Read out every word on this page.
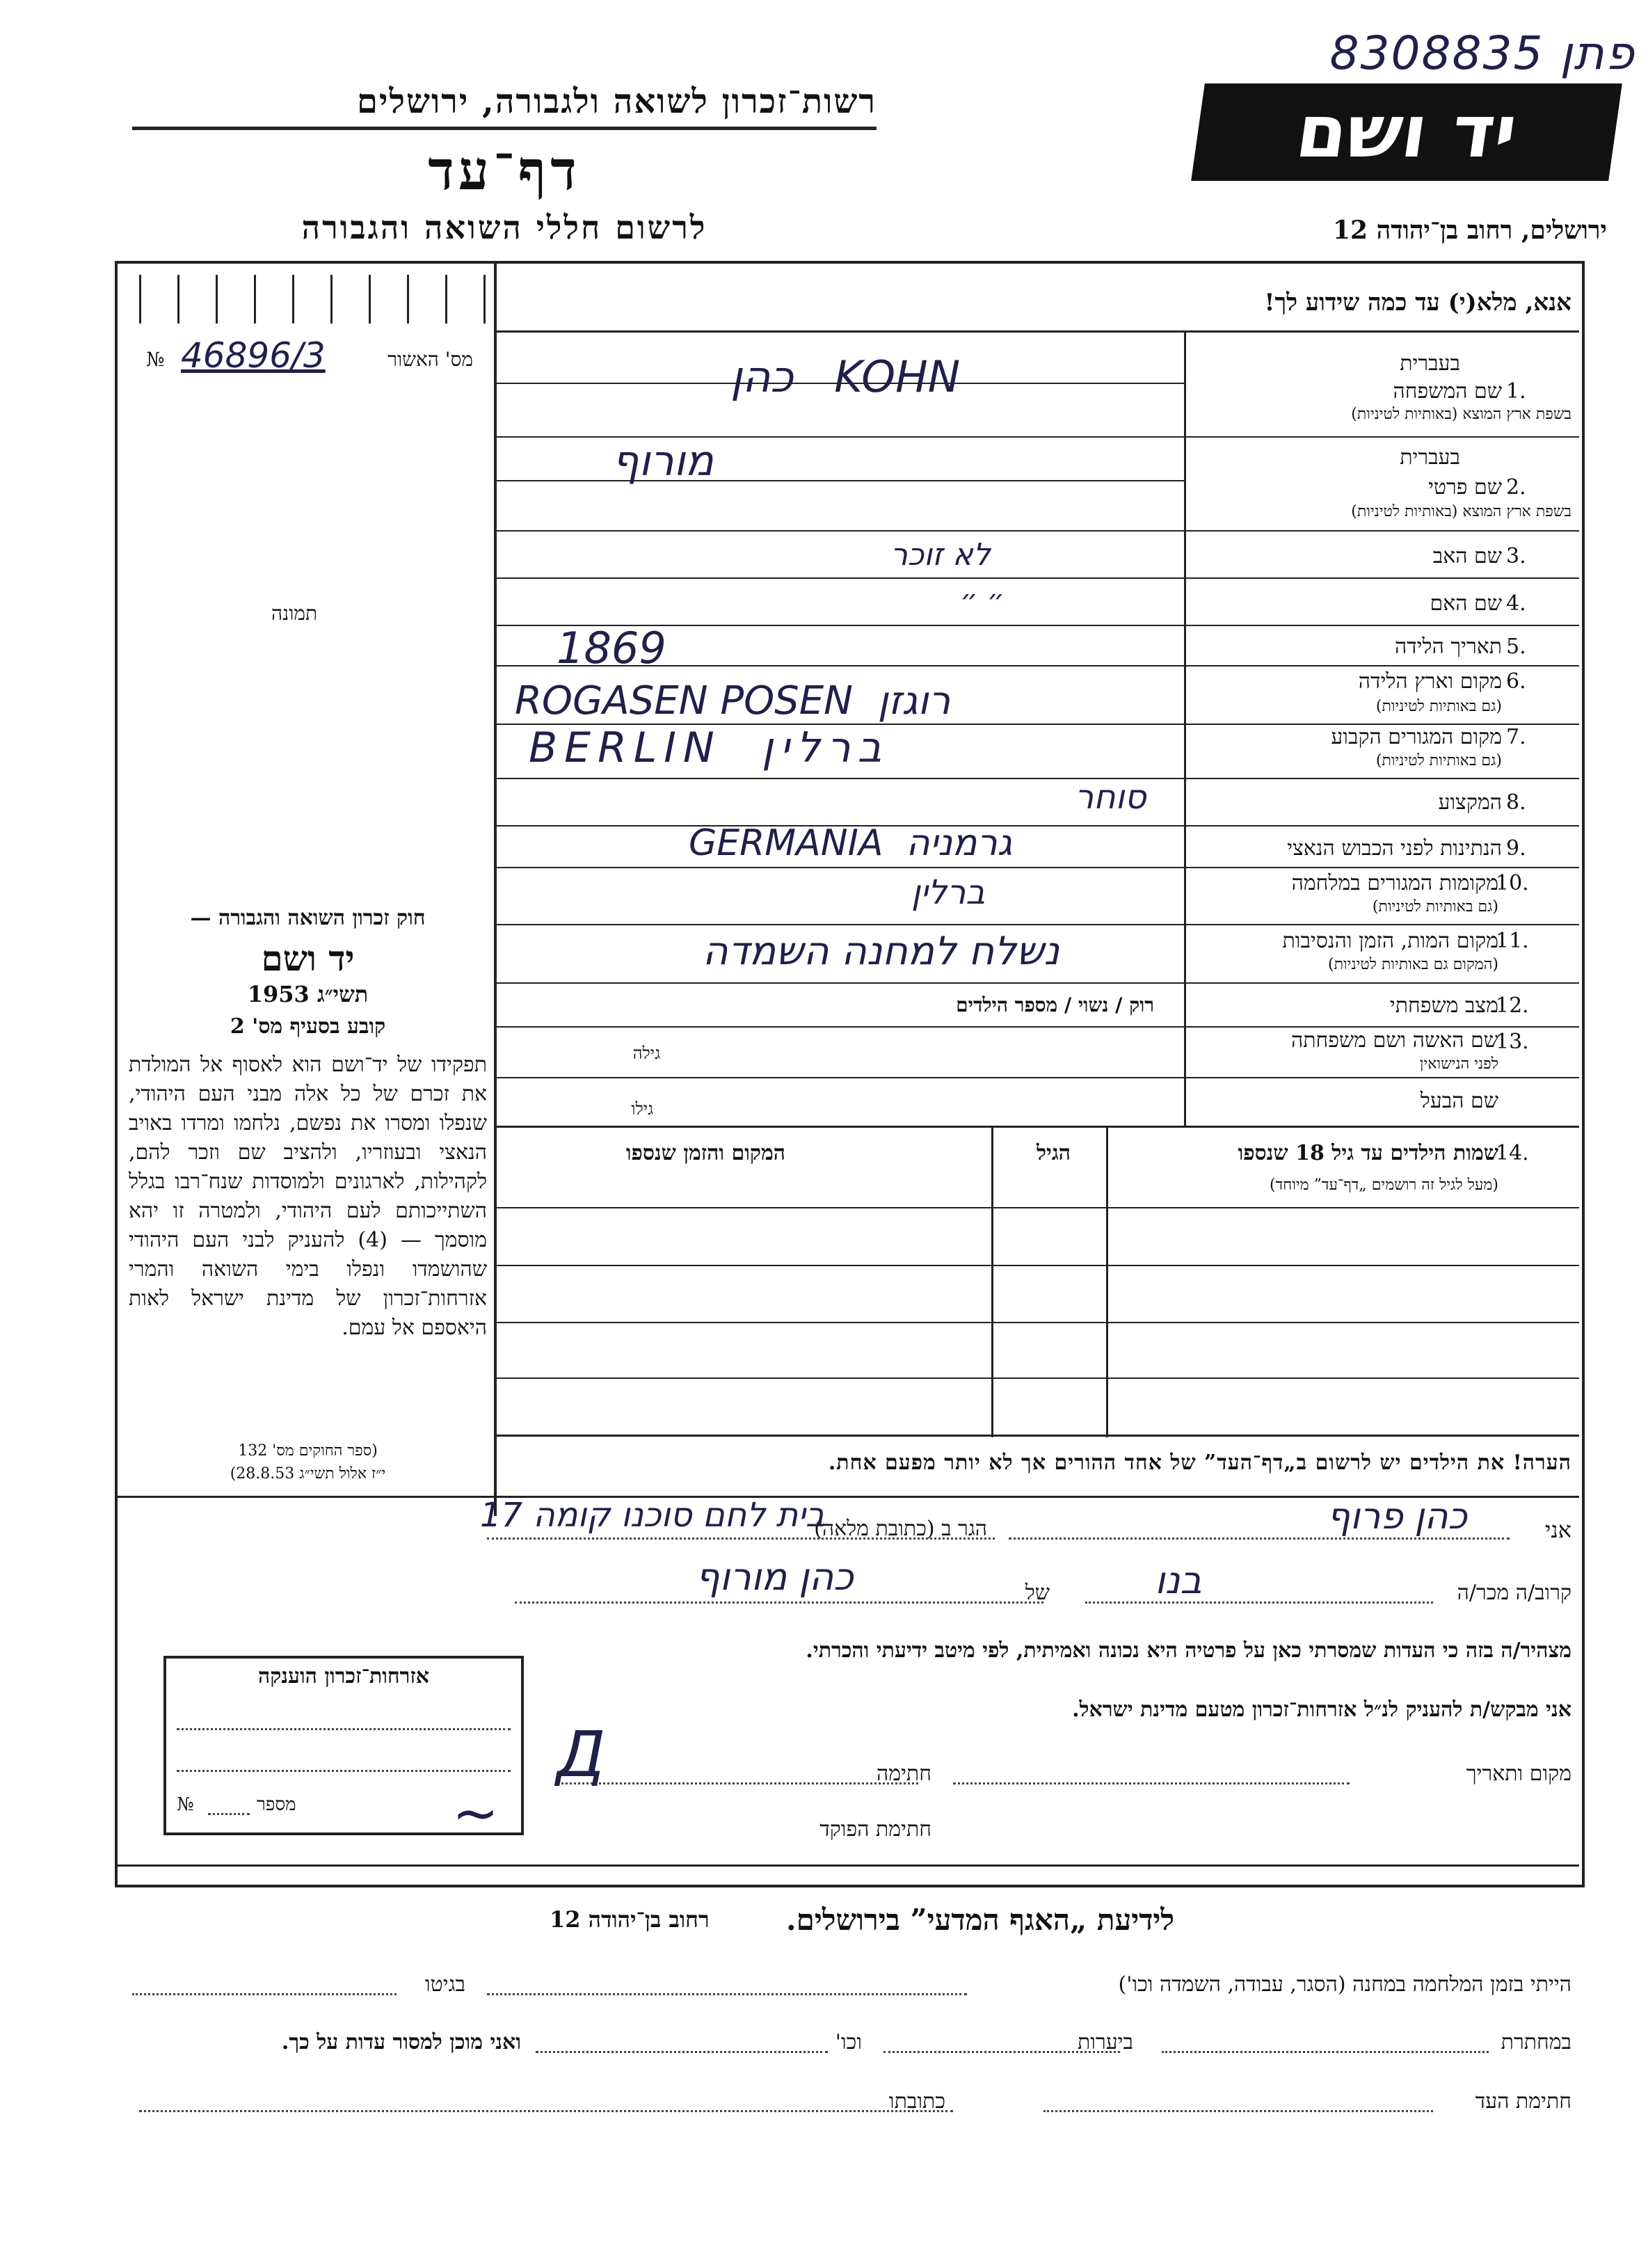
8308835 פתן
יד ושם
רשות־זכרון לשואה ולגבורה, ירושלים
דף־עד
לרשום חללי השואה והגבורה	ירושלים, רחוב בן־יהודה 12
אנא, מלא(י) עד כמה שידוע לך!
מס' האשור
46896/3
№
תמונה
1.
בעברית
שם המשפחה
בשפת ארץ המוצא (באותיות לטיניות)
כהן   KOHN
2.
בעברית
שם פרטי
בשפת ארץ המוצא (באותיות לטיניות)
מורוף
3.
שם האב
לא זוכר
4.
שם האם
״ ״
5.
תאריך הלידה
1869
6.
מקום וארץ הלידה
(גם באותיות לטיניות)
ROGASEN POSEN  רוגזן
7.
מקום המגורים הקבוע
(גם באותיות לטיניות)
BERLIN  ברלין
8.
המקצוע
סוחר
9.
הנתינות לפני הכבוש הנאצי
GERMANIA  גרמניה
10.
מקומות המגורים במלחמה
(גם באותיות לטיניות)
ברלין
11.
מקום המות, הזמן והנסיבות
(המקום גם באותיות לטיניות)
נשלח למחנה השמדה
12.
מצב משפחתי
רוק / נשוי / מספר הילדים
13.
שם האשה ושם משפחתה
לפני הנישואין
גילה
שם הבעל
גילו
14.
שמות הילדים עד גיל 18 שנספו
(מעל לגיל זה רושמים „דף־עד” מיוחד)
הגיל
המקום והזמן שנספו
הערה! את הילדים יש לרשום ב„דף־העד” של אחד ההורים אך לא יותר מפעם אחת.
חוק זכרון השואה והגבורה —
יד ושם
תשי״ג 1953
קובע בסעיף מס' 2
תפקידו של יד־ושם הוא לאסוף אל המולדת את זכרם של כל אלה מבני העם היהודי, שנפלו ומסרו את נפשם, נלחמו ומרדו באויב הנאצי ובעוזריו, ולהציב שם וזכר להם, לקהילות, לארגונים ולמוסדות שנח־רבו בגלל השתייכותם לעם היהודי, ולמטרה זו יהא מוסמך — (4) להעניק לבני העם היהודי שהושמדו ונפלו בימי השואה והמרי אזרחות־זכרון של מדינת ישראל לאות היאספם אל עמם.
(ספר החוקים מס' 132
י״ז אלול תשי״ג 28.8.53)
אני
כהן פרוף
הגר ב (כתובת מלאה)
בית לחם סוכנו קומה 17
קרוב/ה מכר/ה
בנו
של
כהן מורוף
מצהיר/ה בזה כי העדות שמסרתי כאן על פרטיה היא נכונה ואמיתית, לפי מיטב ידיעתי והכרתי.
אני מבקש/ת להעניק לנ״ל אזרחות־זכרון מטעם מדינת ישראל.
מקום ותאריך
חתימה
Д
חתימת הפוקד
~
אזרחות־זכרון הוענקה
מספר
№
לידיעת „האגף המדעי” בירושלים.
רחוב בן־יהודה 12
הייתי בזמן המלחמה במחנה (הסגר, עבודה, השמדה וכו')
בגיטו
במחתרת
ביערות
וכו'
ואני מוכן למסור עדות על כך.
חתימת העד
כתובתו
